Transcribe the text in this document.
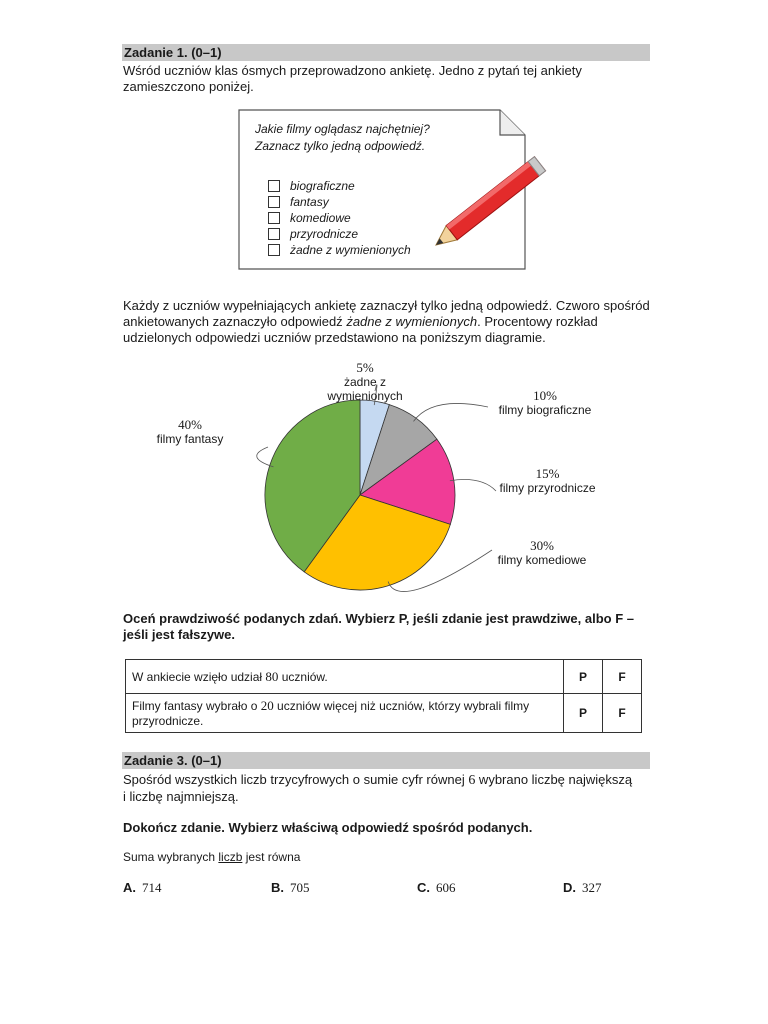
Zadanie 1. (0–1)
Wśród uczniów klas ósmych przeprowadzono ankietę. Jedno z pytań tej ankiety
zamieszczono poniżej.
Jakie filmy oglądasz najchętniej?
Zaznacz tylko jedną odpowiedź.
biograficzne
fantasy
komediowe
przyrodnicze
żadne z wymienionych
Każdy z uczniów wypełniających ankietę zaznaczył tylko jedną odpowiedź. Czworo spośród
ankietowanych zaznaczyło odpowiedź żadne z wymienionych. Procentowy rozkład
udzielonych odpowiedzi uczniów przedstawiono na poniższym diagramie.
5%
żadne z wymienionych	10%
filmy biograficzne
15%
filmy przyrodnicze
30%
filmy komediowe
40%
filmy fantasy
Oceń prawdziwość podanych zdań. Wybierz P, jeśli zdanie jest prawdziwe, albo F –
jeśli jest fałszywe.
W ankiecie wzięło udział 80 uczniów.	P	F
Filmy fantasy wybrało o 20 uczniów więcej niż uczniów, którzy wybrali filmy przyrodnicze.	P	F
Zadanie 3. (0–1)
Spośród wszystkich liczb trzycyfrowych o sumie cyfr równej 6 wybrano liczbę największą
i liczbę najmniejszą.
Dokończ zdanie. Wybierz właściwą odpowiedź spośród podanych.
Suma wybranych liczb jest równa
A. 714	B. 705	C. 606	D. 327
